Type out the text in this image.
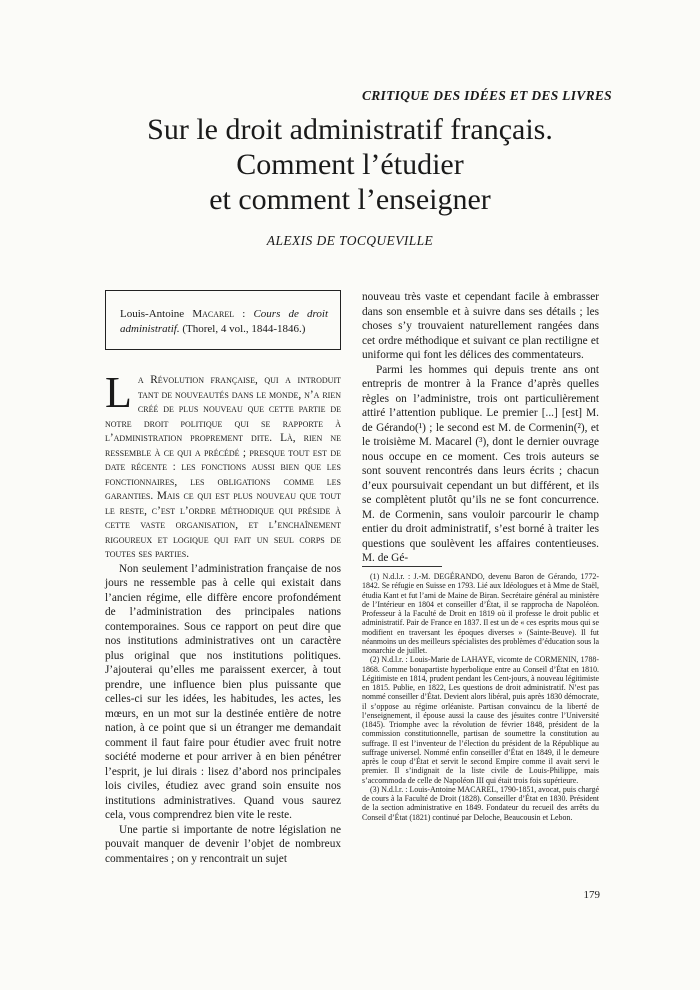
CRITIQUE DES IDÉES ET DES LIVRES
Sur le droit administratif français.
Comment l’étudier
et comment l’enseigner
ALEXIS DE TOCQUEVILLE
Louis-Antoine Macarel : Cours de droit administratif. (Thorel, 4 vol., 1844-1846.)

La Révolution française, qui a introduit tant de nouveautés dans le monde, n’a rien créé de plus nouveau que cette partie de notre droit politique qui se rapporte à l’administration proprement dite. Là, rien ne ressemble à ce qui a précédé ; presque tout est de date récente : les fonctions aussi bien que les fonctionnaires, les obligations comme les garanties. Mais ce qui est plus nouveau que tout le reste, c’est l’ordre méthodique qui préside à cette vaste organisation, et l’enchaînement rigoureux et logique qui fait un seul corps de toutes ses parties.

Non seulement l’administration française de nos jours ne ressemble pas à celle qui existait dans l’ancien régime, elle diffère encore profondément de l’administration des principales nations contemporaines. Sous ce rapport on peut dire que nos institutions administratives ont un caractère plus original que nos institutions politiques. J’ajouterai qu’elles me paraissent exercer, à tout prendre, une influence bien plus puissante que celles-ci sur les idées, les habitudes, les actes, les mœurs, en un mot sur la destinée entière de notre nation, à ce point que si un étranger me demandait comment il faut faire pour étudier avec fruit notre société moderne et pour arriver à en bien pénétrer l’esprit, je lui dirais : lisez d’abord nos principales lois civiles, étudiez avec grand soin ensuite nos institutions administratives. Quand vous saurez cela, vous comprendrez bien vite le reste.

Une partie si importante de notre législation ne pouvait manquer de devenir l’objet de nombreux commentaires ; on y rencontrait un sujet

nouveau très vaste et cependant facile à embrasser dans son ensemble et à suivre dans ses détails ; les choses s’y trouvaient naturellement rangées dans cet ordre méthodique et suivant ce plan rectiligne et uniforme qui font les délices des commentateurs.

Parmi les hommes qui depuis trente ans ont entrepris de montrer à la France d’après quelles règles on l’administre, trois ont particulièrement attiré l’attention publique. Le premier [...] [est] M. de Gérando(¹) ; le second est M. de Cormenin(²), et le troisième M. Macarel (³), dont le dernier ouvrage nous occupe en ce moment. Ces trois auteurs se sont souvent rencontrés dans leurs écrits ; chacun d’eux poursuivait cependant un but différent, et ils se complètent plutôt qu’ils ne se font concurrence. M. de Cormenin, sans vouloir parcourir le champ entier du droit administratif, s’est borné à traiter les questions que soulèvent les affaires contentieuses. M. de Gé-

(1) N.d.l.r. : J.-M. DEGÉRANDO, devenu Baron de Gérando, 1772-1842. Se réfugie en Suisse en 1793. Lié aux Idéologues et à Mme de Staël, étudia Kant et fut l’ami de Maine de Biran. Secrétaire général au ministère de l’Intérieur en 1804 et conseiller d’État, il se rapprocha de Napoléon. Professeur à la Faculté de Droit en 1819 où il professe le droit public et administratif. Pair de France en 1837. Il est un de « ces esprits mous qui se modifient en traversant les époques diverses » (Sainte-Beuve). Il fut néanmoins un des meilleurs spécialistes des problèmes d’éducation sous la monarchie de juillet.

(2) N.d.l.r. : Louis-Marie de LAHAYE, vicomte de CORMENIN, 1788-1868. Comme bonapartiste hyperbolique entre au Conseil d’État en 1810. Légitimiste en 1814, prudent pendant les Cent-jours, à nouveau légitimiste en 1815. Publie, en 1822, Les questions de droit administratif. N’est pas nommé conseiller d’État. Devient alors libéral, puis après 1830 démocrate, il s’oppose au régime orléaniste. Partisan convaincu de la liberté de l’enseignement, il épouse aussi la cause des jésuites contre l’Université (1845). Triomphe avec la révolution de février 1848, président de la commission constitutionnelle, partisan de soumettre la constitution au suffrage. Il est l’inventeur de l’élection du président de la République au suffrage universel. Nommé enfin conseiller d’État en 1849, il le demeure après le coup d’État et servit le second Empire comme il avait servi le premier. Il s’indignait de la liste civile de Louis-Philippe, mais s’accommoda de celle de Napoléon III qui était trois fois supérieure.

(3) N.d.l.r. : Louis-Antoine MACAREL, 1790-1851, avocat, puis chargé de cours à la Faculté de Droit (1828). Conseiller d’État en 1830. Président de la section administrative en 1849. Fondateur du recueil des arrêts du Conseil d’État (1821) continué par Deloche, Beaucousin et Lebon.

179
